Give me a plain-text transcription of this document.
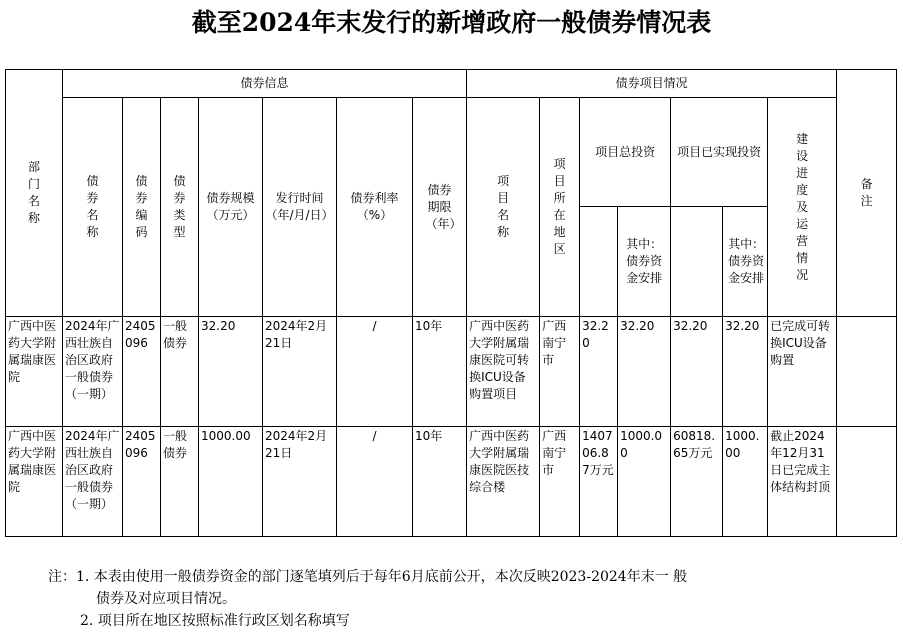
截至2024年末发行的新增政府一般债券情况表
部门名称	债券信息							债券项目情况							备注
	债券名称	债券编码	债券类型	债券规模（万元）	发行时间（年/月/日）	债券利率（%）	债券期限（年）	项目名称	项目所在地区	项目总投资		项目已实现投资		建设进度及运营情况	
											其中：债券资金安排		其中：债券资金安排		
广西中医药大学附属瑞康医院	2024年广西壮族自治区政府一般债券（一期）	2405096	一般债券	32.20	2024年2月21日	/	10年	广西中医药大学附属瑞康医院可转换ICU设备购置项目	广西南宁市	32.20	32.20	32.20	32.20	已完成可转换ICU设备购置	
广西中医药大学附属瑞康医院	2024年广西壮族自治区政府一般债券（一期）	2405096	一般债券	1000.00	2024年2月21日	/	10年	广西中医药大学附属瑞康医院医技综合楼	广西南宁市	140706.87万元	1000.00	60818.65万元	1000.00	截止2024年12月31日已完成主体结构封顶	
注：1. 本表由使用一般债券资金的部门逐笔填列后于每年6月底前公开，本次反映2023-2024年末一 般
债券及对应项目情况。
2. 项目所在地区按照标准行政区划名称填写
